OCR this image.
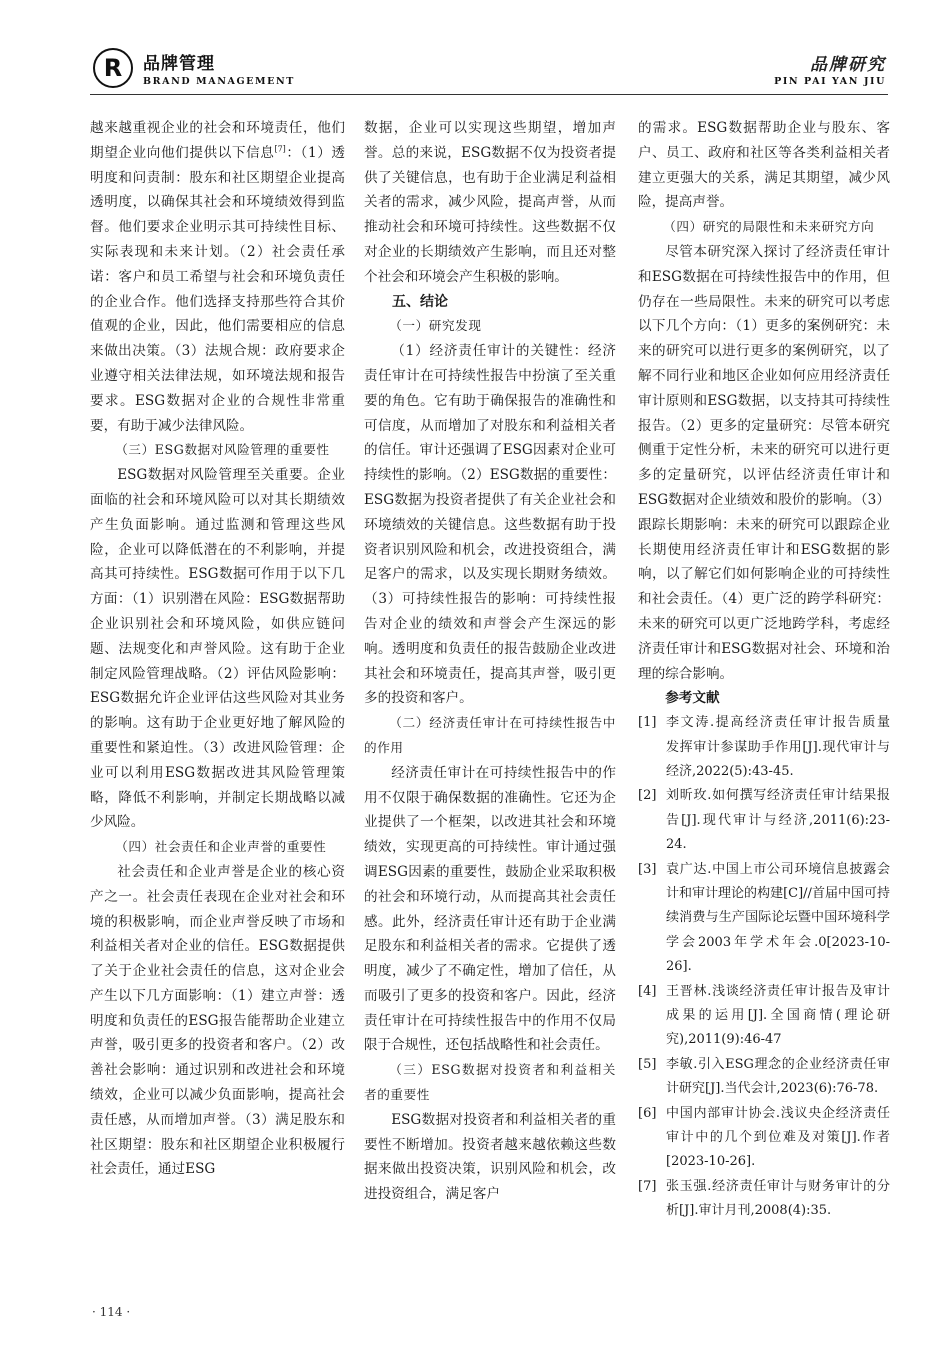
R	品牌管理
BRAND MANAGEMENT
品牌研究
PIN PAI YAN JIU

越来越重视企业的社会和环境责任，他们期望企业向他们提供以下信息[7]：（1）透明度和问责制：股东和社区期望企业提高透明度，以确保其社会和环境绩效得到监督。他们要求企业明示其可持续性目标、实际表现和未来计划。（2）社会责任承诺：客户和员工希望与社会和环境负责任的企业合作。他们选择支持那些符合其价值观的企业，因此，他们需要相应的信息来做出决策。（3）法规合规：政府要求企业遵守相关法律法规，如环境法规和报告要求。ESG数据对企业的合规性非常重要，有助于减少法律风险。

（三）ESG数据对风险管理的重要性

ESG数据对风险管理至关重要。企业面临的社会和环境风险可以对其长期绩效产生负面影响。通过监测和管理这些风险，企业可以降低潜在的不利影响，并提高其可持续性。ESG数据可作用于以下几方面：（1）识别潜在风险：ESG数据帮助企业识别社会和环境风险，如供应链问题、法规变化和声誉风险。这有助于企业制定风险管理战略。（2）评估风险影响：ESG数据允许企业评估这些风险对其业务的影响。这有助于企业更好地了解风险的重要性和紧迫性。（3）改进风险管理：企业可以利用ESG数据改进其风险管理策略，降低不利影响，并制定长期战略以减少风险。

（四）社会责任和企业声誉的重要性

社会责任和企业声誉是企业的核心资产之一。社会责任表现在企业对社会和环境的积极影响，而企业声誉反映了市场和利益相关者对企业的信任。ESG数据提供了关于企业社会责任的信息，这对企业会产生以下几方面影响：（1）建立声誉：透明度和负责任的ESG报告能帮助企业建立声誉，吸引更多的投资者和客户。（2）改善社会影响：通过识别和改进社会和环境绩效，企业可以减少负面影响，提高社会责任感，从而增加声誉。（3）满足股东和社区期望：股东和社区期望企业积极履行社会责任，通过ESG

数据，企业可以实现这些期望，增加声誉。总的来说，ESG数据不仅为投资者提供了关键信息，也有助于企业满足利益相关者的需求，减少风险，提高声誉，从而推动社会和环境可持续性。这些数据不仅对企业的长期绩效产生影响，而且还对整个社会和环境会产生积极的影响。

五、结论

（一）研究发现

（1）经济责任审计的关键性：经济责任审计在可持续性报告中扮演了至关重要的角色。它有助于确保报告的准确性和可信度，从而增加了对股东和利益相关者的信任。审计还强调了ESG因素对企业可持续性的影响。（2）ESG数据的重要性：ESG数据为投资者提供了有关企业社会和环境绩效的关键信息。这些数据有助于投资者识别风险和机会，改进投资组合，满足客户的需求，以及实现长期财务绩效。（3）可持续性报告的影响：可持续性报告对企业的绩效和声誉会产生深远的影响。透明度和负责任的报告鼓励企业改进其社会和环境责任，提高其声誉，吸引更多的投资和客户。

（二）经济责任审计在可持续性报告中的作用

经济责任审计在可持续性报告中的作用不仅限于确保数据的准确性。它还为企业提供了一个框架，以改进其社会和环境绩效，实现更高的可持续性。审计通过强调ESG因素的重要性，鼓励企业采取积极的社会和环境行动，从而提高其社会责任感。此外，经济责任审计还有助于企业满足股东和利益相关者的需求。它提供了透明度，减少了不确定性，增加了信任，从而吸引了更多的投资和客户。因此，经济责任审计在可持续性报告中的作用不仅局限于合规性，还包括战略性和社会责任。

（三）ESG数据对投资者和利益相关者的重要性

ESG数据对投资者和利益相关者的重要性不断增加。投资者越来越依赖这些数据来做出投资决策，识别风险和机会，改进投资组合，满足客户

的需求。ESG数据帮助企业与股东、客户、员工、政府和社区等各类利益相关者建立更强大的关系，满足其期望，减少风险，提高声誉。

（四）研究的局限性和未来研究方向

尽管本研究深入探讨了经济责任审计和ESG数据在可持续性报告中的作用，但仍存在一些局限性。未来的研究可以考虑以下几个方向：（1）更多的案例研究：未来的研究可以进行更多的案例研究，以了解不同行业和地区企业如何应用经济责任审计原则和ESG数据，以支持其可持续性报告。（2）更多的定量研究：尽管本研究侧重于定性分析，未来的研究可以进行更多的定量研究，以评估经济责任审计和ESG数据对企业绩效和股价的影响。（3）跟踪长期影响：未来的研究可以跟踪企业长期使用经济责任审计和ESG数据的影响，以了解它们如何影响企业的可持续性和社会责任。（4）更广泛的跨学科研究：未来的研究可以更广泛地跨学科，考虑经济责任审计和ESG数据对社会、环境和治理的综合影响。

参考文献

[1] 李文涛.提高经济责任审计报告质量　发挥审计参谋助手作用[J].现代审计与经济,2022(5):43-45.
[2] 刘昕玫.如何撰写经济责任审计结果报告[J].现代审计与经济,2011(6):23-24.
[3] 袁广达.中国上市公司环境信息披露会计和审计理论的构建[C]//首届中国可持续消费与生产国际论坛暨中国环境科学学会2003年学术年会.0[2023-10-26].
[4] 王晋林.浅谈经济责任审计报告及审计成果的运用[J].全国商情(理论研究),2011(9):46-47
[5] 李敏.引入ESG理念的企业经济责任审计研究[J].当代会计,2023(6):76-78.
[6] 中国内部审计协会.浅议央企经济责任审计中的几个到位难及对策[J].作者[2023-10-26].
[7] 张玉强.经济责任审计与财务审计的分析[J].审计月刊,2008(4):35.
· 114 ·
